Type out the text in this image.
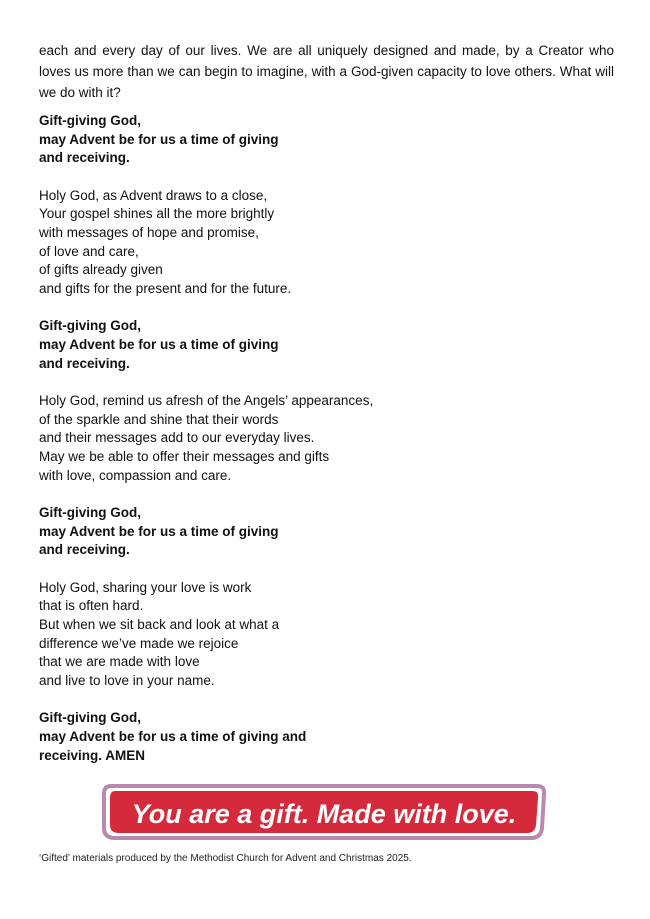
each and every day of our lives. We are all uniquely designed and made, by a Creator who loves us more than we can begin to imagine, with a God-given capacity to love others. What will we do with it?

Gift-giving God,
may Advent be for us a time of giving
and receiving.
Holy God, as Advent draws to a close,
Your gospel shines all the more brightly
with messages of hope and promise,
of love and care,
of gifts already given
and gifts for the present and for the future.
Gift-giving God,
may Advent be for us a time of giving
and receiving.
Holy God, remind us afresh of the Angels’ appearances,
of the sparkle and shine that their words
and their messages add to our everyday lives.
May we be able to offer their messages and gifts
with love, compassion and care.
Gift-giving God,
may Advent be for us a time of giving
and receiving.
Holy God, sharing your love is work
that is often hard.
But when we sit back and look at what a
difference we’ve made we rejoice
that we are made with love
and live to love in your name.
Gift-giving God,
may Advent be for us a time of giving and
receiving. AMEN
You are a gift. Made with love.
‘Gifted’ materials produced by the Methodist Church for Advent and Christmas 2025.
